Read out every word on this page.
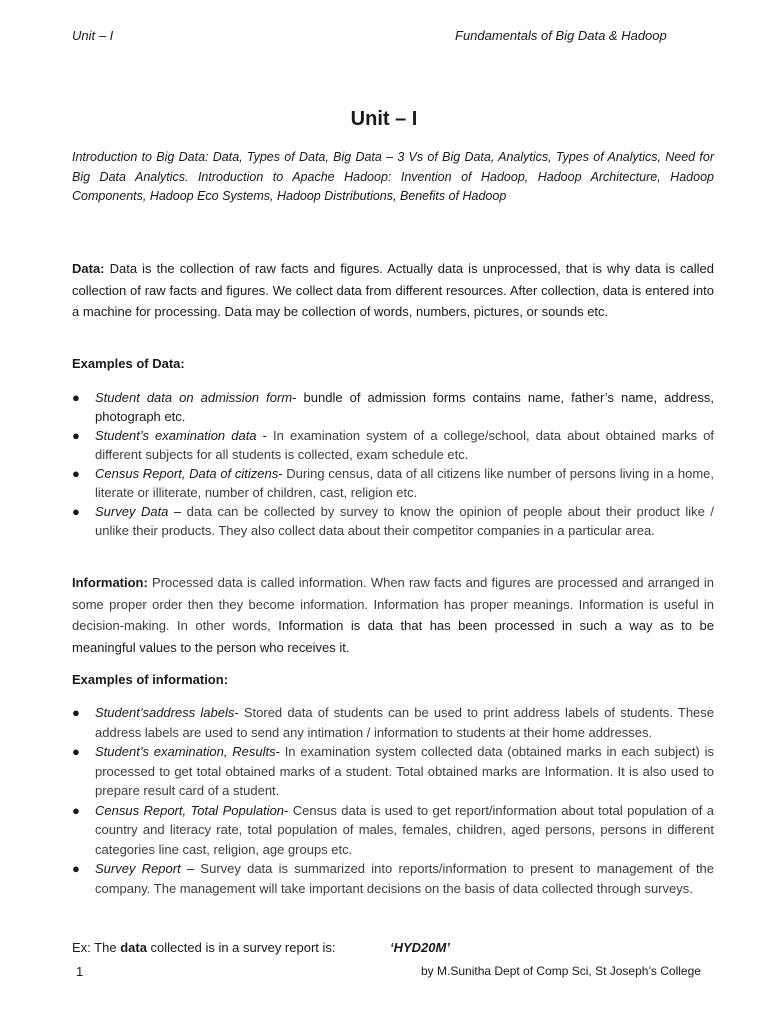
Unit – I	Fundamentals of Big Data & Hadoop
Unit – I
Introduction to Big Data: Data, Types of Data, Big Data – 3 Vs of Big Data, Analytics, Types of Analytics, Need for Big Data Analytics. Introduction to Apache Hadoop: Invention of Hadoop, Hadoop Architecture, Hadoop Components, Hadoop Eco Systems, Hadoop Distributions, Benefits of Hadoop
Data: Data is the collection of raw facts and figures. Actually data is unprocessed, that is why data is called collection of raw facts and figures. We collect data from different resources. After collection, data is entered into a machine for processing. Data may be collection of words, numbers, pictures, or sounds etc.
Examples of Data:
● Student data on admission form- bundle of admission forms contains name, father’s name, address, photograph etc.
● Student’s examination data - In examination system of a college/school, data about obtained marks of different subjects for all students is collected, exam schedule etc.
● Census Report, Data of citizens- During census, data of all citizens like number of persons living in a home, literate or illiterate, number of children, cast, religion etc.
● Survey Data – data can be collected by survey to know the opinion of people about their product like / unlike their products. They also collect data about their competitor companies in a particular area.
Information: Processed data is called information. When raw facts and figures are processed and arranged in some proper order then they become information. Information has proper meanings. Information is useful in decision-making. In other words, Information is data that has been processed in such a way as to be meaningful values to the person who receives it.
Examples of information:
● Student’saddress labels- Stored data of students can be used to print address labels of students. These address labels are used to send any intimation / information to students at their home addresses.
● Student’s examination, Results- In examination system collected data (obtained marks in each subject) is processed to get total obtained marks of a student. Total obtained marks are Information. It is also used to prepare result card of a student.
● Census Report, Total Population- Census data is used to get report/information about total population of a country and literacy rate, total population of males, females, children, aged persons, persons in different categories line cast, religion, age groups etc.
● Survey Report – Survey data is summarized into reports/information to present to management of the company. The management will take important decisions on the basis of data collected through surveys.
Ex: The data collected is in a survey report is:	‘HYD20M’
1	by M.Sunitha Dept of Comp Sci, St Joseph’s College
